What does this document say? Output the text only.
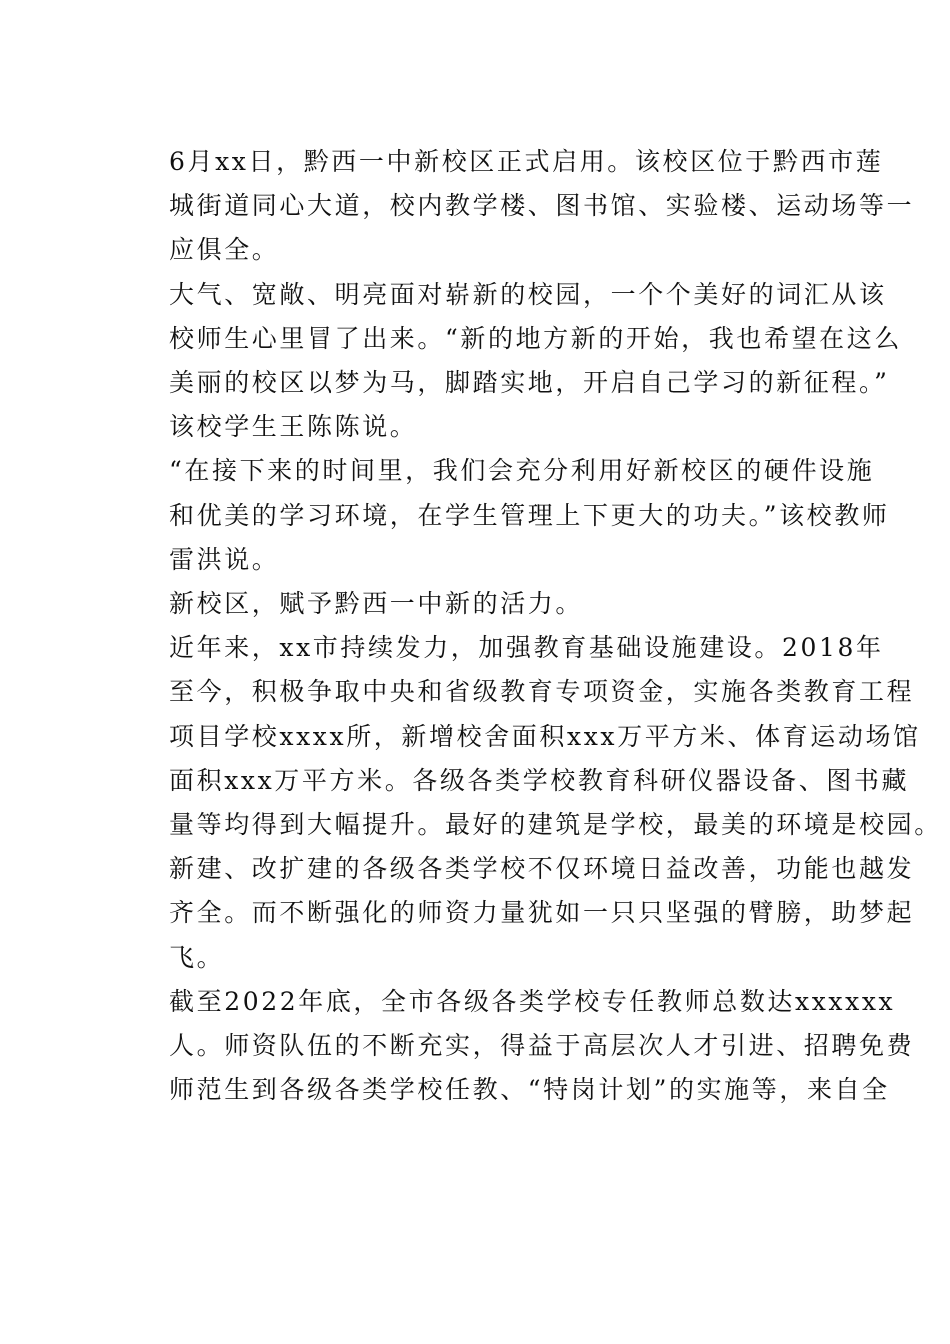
6月xx日，黔西一中新校区正式启用。该校区位于黔西市莲
城街道同心大道，校内教学楼、图书馆、实验楼、运动场等一
应俱全。

大气、宽敞、明亮面对崭新的校园，一个个美好的词汇从该
校师生心里冒了出来。“新的地方新的开始，我也希望在这么
美丽的校区以梦为马，脚踏实地，开启自己学习的新征程。”
该校学生王陈陈说。

“在接下来的时间里，我们会充分利用好新校区的硬件设施
和优美的学习环境，在学生管理上下更大的功夫。”该校教师
雷洪说。

新校区，赋予黔西一中新的活力。

近年来，xx市持续发力，加强教育基础设施建设。2018年
至今，积极争取中央和省级教育专项资金，实施各类教育工程
项目学校xxxx所，新增校舍面积xxx万平方米、体育运动场馆
面积xxx万平方米。各级各类学校教育科研仪器设备、图书藏
量等均得到大幅提升。最好的建筑是学校，最美的环境是校园。
新建、改扩建的各级各类学校不仅环境日益改善，功能也越发
齐全。而不断强化的师资力量犹如一只只坚强的臂膀，助梦起
飞。

截至2022年底，全市各级各类学校专任教师总数达xxxxxx
人。师资队伍的不断充实，得益于高层次人才引进、招聘免费
师范生到各级各类学校任教、“特岗计划”的实施等，来自全
